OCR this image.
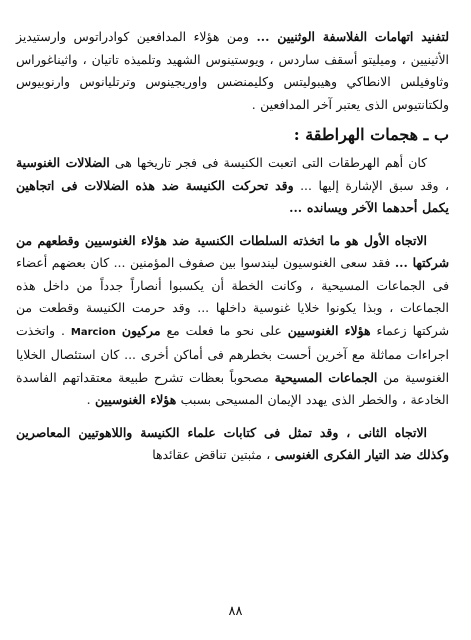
لتفنيد اتهامات الفلاسفة الوثنيين ... ومن هؤلاء المدافعين كوادراتوس وارستيديز الأثينيين ، وميليتو أسقف ساردس ، ويوستينوس الشهيد وتلميذه تاتيان ، واثيناغوراس وثاوفيلس الانطاكي وهيبوليتس وكليمنضس واوريجينوس وترتليانوس وارنوبيوس ولكتانتيوس الذى يعتبر آخر المدافعين .

ب ـ هجمات الهراطقة :

كان أهم الهرطقات التى اتعبت الكنيسة فى فجر تاريخها هى الضلالات الغنوسية ، وقد سبق الإشارة إليها ... وقد تحركت الكنيسة ضد هذه الضلالات فى اتجاهين يكمل أحدهما الآخر ويسانده ...

الاتجاه الأول هو ما اتخذته السلطات الكنسية ضد هؤلاء الغنوسيين وقطعهم من شركتها ... فقد سعى الغنوسيون ليندسوا بين صفوف المؤمنين ... كان بعضهم أعضاء فى الجماعات المسيحية ، وكانت الخطة أن يكسبوا أنصاراً جدداً من داخل هذه الجماعات ، وبذا يكونوا خلايا غنوسية داخلها ... وقد حرمت الكنيسة وقطعت من شركتها زعماء هؤلاء الغنوسيين على نحو ما فعلت مع مركيون Marcion . واتخذت اجراءات مماثلة مع آخرين أحست بخطرهم فى أماكن أخرى ... كان استئصال الخلايا الغنوسية من الجماعات المسيحية مصحوباً بعظات تشرح طبيعة معتقداتهم الفاسدة الخادعة ، والخطر الذى يهدد الإيمان المسيحى بسبب هؤلاء الغنوسيين .

الاتجاه الثانى ، وقد تمثل فى كتابات علماء الكنيسة واللاهوتيين المعاصرين وكذلك ضد التيار الفكرى الغنوسى ، مثبتين تناقض عقائدها

٨٨
